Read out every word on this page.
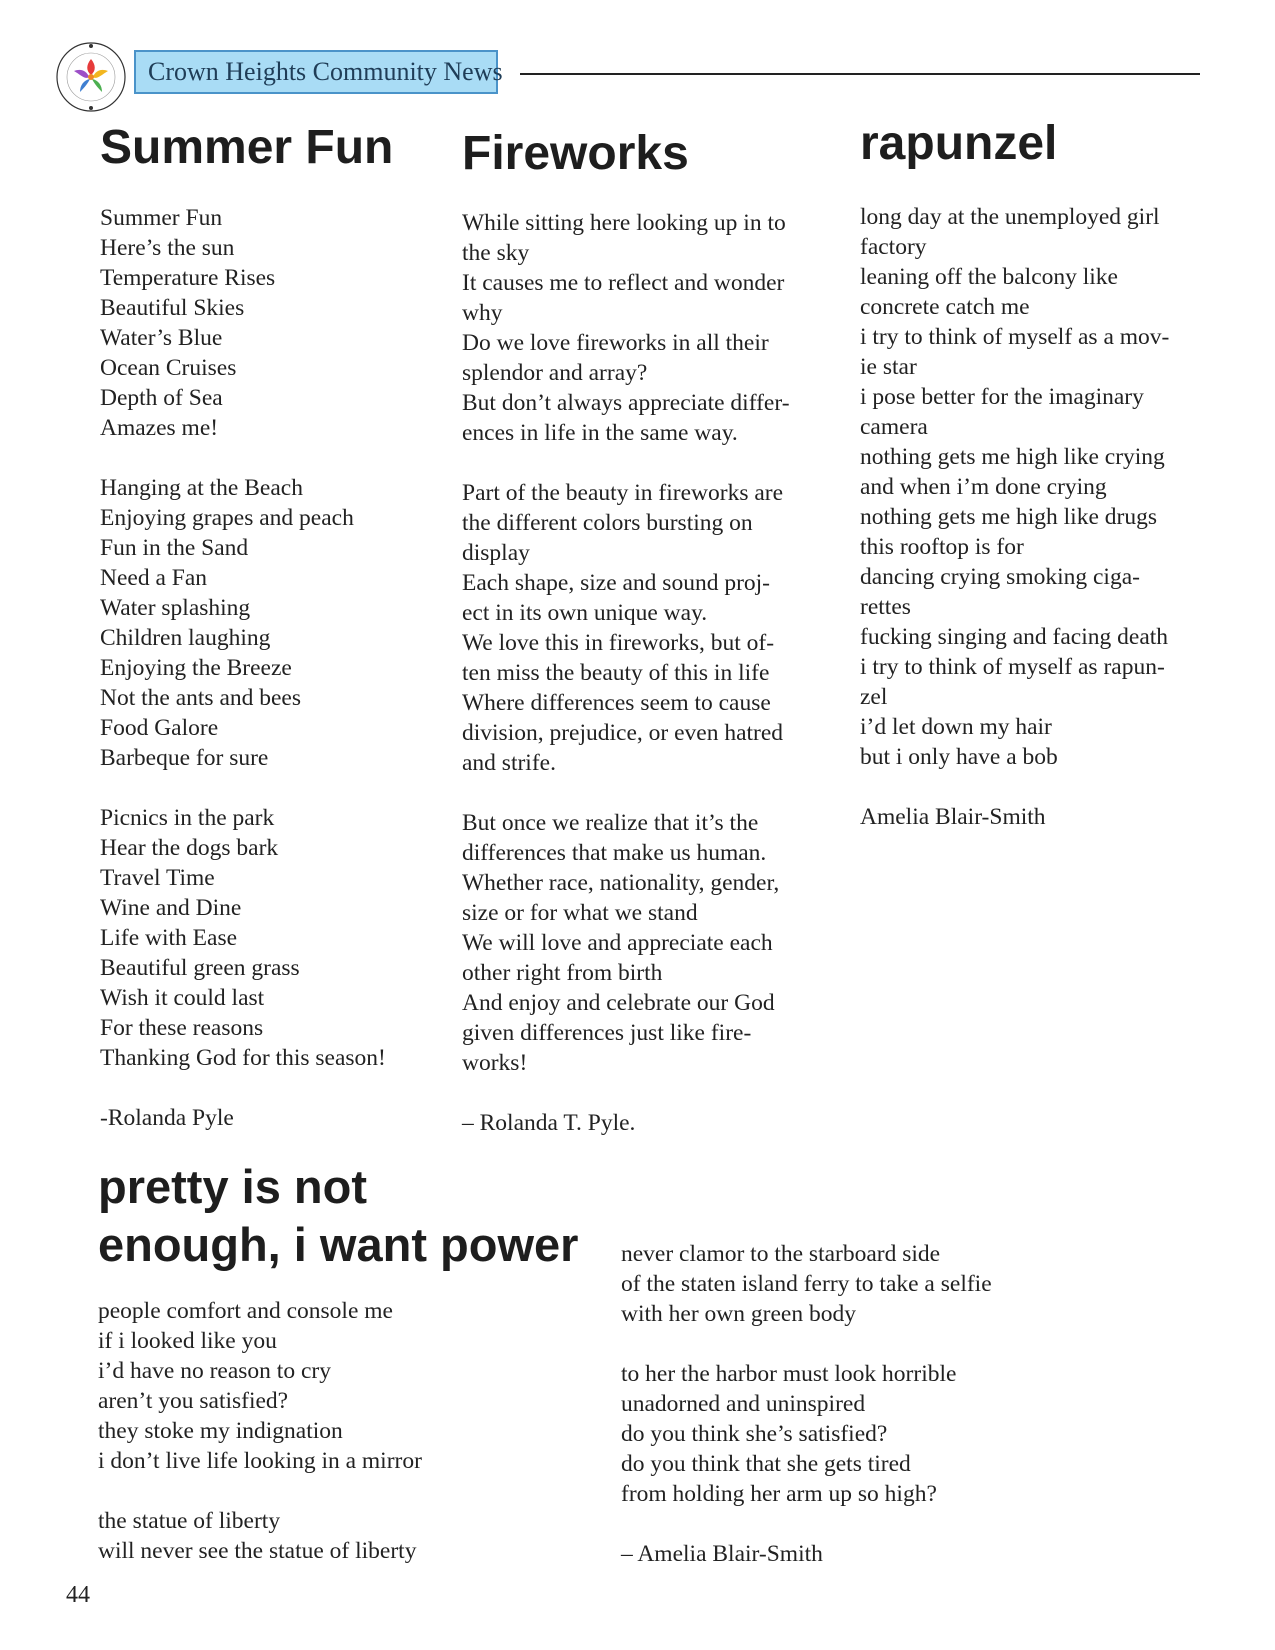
Crown Heights Community News
Summer Fun Fireworks	rapunzel
pretty is not
enough, i want power
Summer Fun
Here’s the sun
Temperature Rises
Beautiful Skies
Water’s Blue
Ocean Cruises
Depth of Sea
Amazes me!
Hanging at the Beach
Enjoying grapes and peach
Fun in the Sand
Need a Fan
Water splashing
Children laughing
Enjoying the Breeze
Not the ants and bees
Food Galore
Barbeque for sure
Picnics in the park
Hear the dogs bark
Travel Time
Wine and Dine
Life with Ease
Beautiful green grass
Wish it could last
For these reasons
Thanking God for this season!
-Rolanda Pyle
While sitting here looking up in to
the sky
It causes me to reflect and wonder
why
Do we love fireworks in all their
splendor and array?
But don’t always appreciate differ-
ences in life in the same way.
Part of the beauty in fireworks are
the different colors bursting on
display
Each shape, size and sound proj-
ect in its own unique way.
We love this in fireworks, but of-
ten miss the beauty of this in life
Where differences seem to cause
division, prejudice, or even hatred
and strife.
But once we realize that it’s the
differences that make us human.
Whether race, nationality, gender,
size or for what we stand
We will love and appreciate each
other right from birth
And enjoy and celebrate our God
given differences just like fire-
works!
– Rolanda T. Pyle.
long day at the unemployed girl
factory
leaning off the balcony like
concrete catch me
i try to think of myself as a mov-
ie star
i pose better for the imaginary
camera
nothing gets me high like crying
and when i’m done crying
nothing gets me high like drugs
this rooftop is for
dancing crying smoking ciga-
rettes
fucking singing and facing death
i try to think of myself as rapun-
zel
i’d let down my hair
but i only have a bob
Amelia Blair-Smith
people comfort and console me
if i looked like you
i’d have no reason to cry
aren’t you satisfied?
they stoke my indignation
i don’t live life looking in a mirror
the statue of liberty
will never see the statue of liberty
never clamor to the starboard side
of the staten island ferry to take a selfie
with her own green body
to her the harbor must look horrible
unadorned and uninspired
do you think she’s satisfied?
do you think that she gets tired
from holding her arm up so high?
– Amelia Blair-Smith
44
